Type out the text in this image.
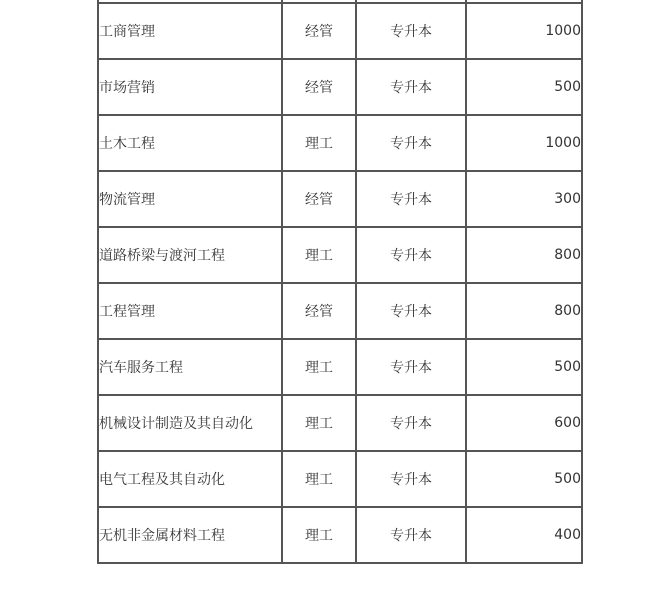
工商管理	经管	专升本	1000
市场营销	经管	专升本	500
土木工程	理工	专升本	1000
物流管理	经管	专升本	300
道路桥梁与渡河工程	理工	专升本	800
工程管理	经管	专升本	800
汽车服务工程	理工	专升本	500
机械设计制造及其自动化	理工	专升本	600
电气工程及其自动化	理工	专升本	500
无机非金属材料工程	理工	专升本	400
